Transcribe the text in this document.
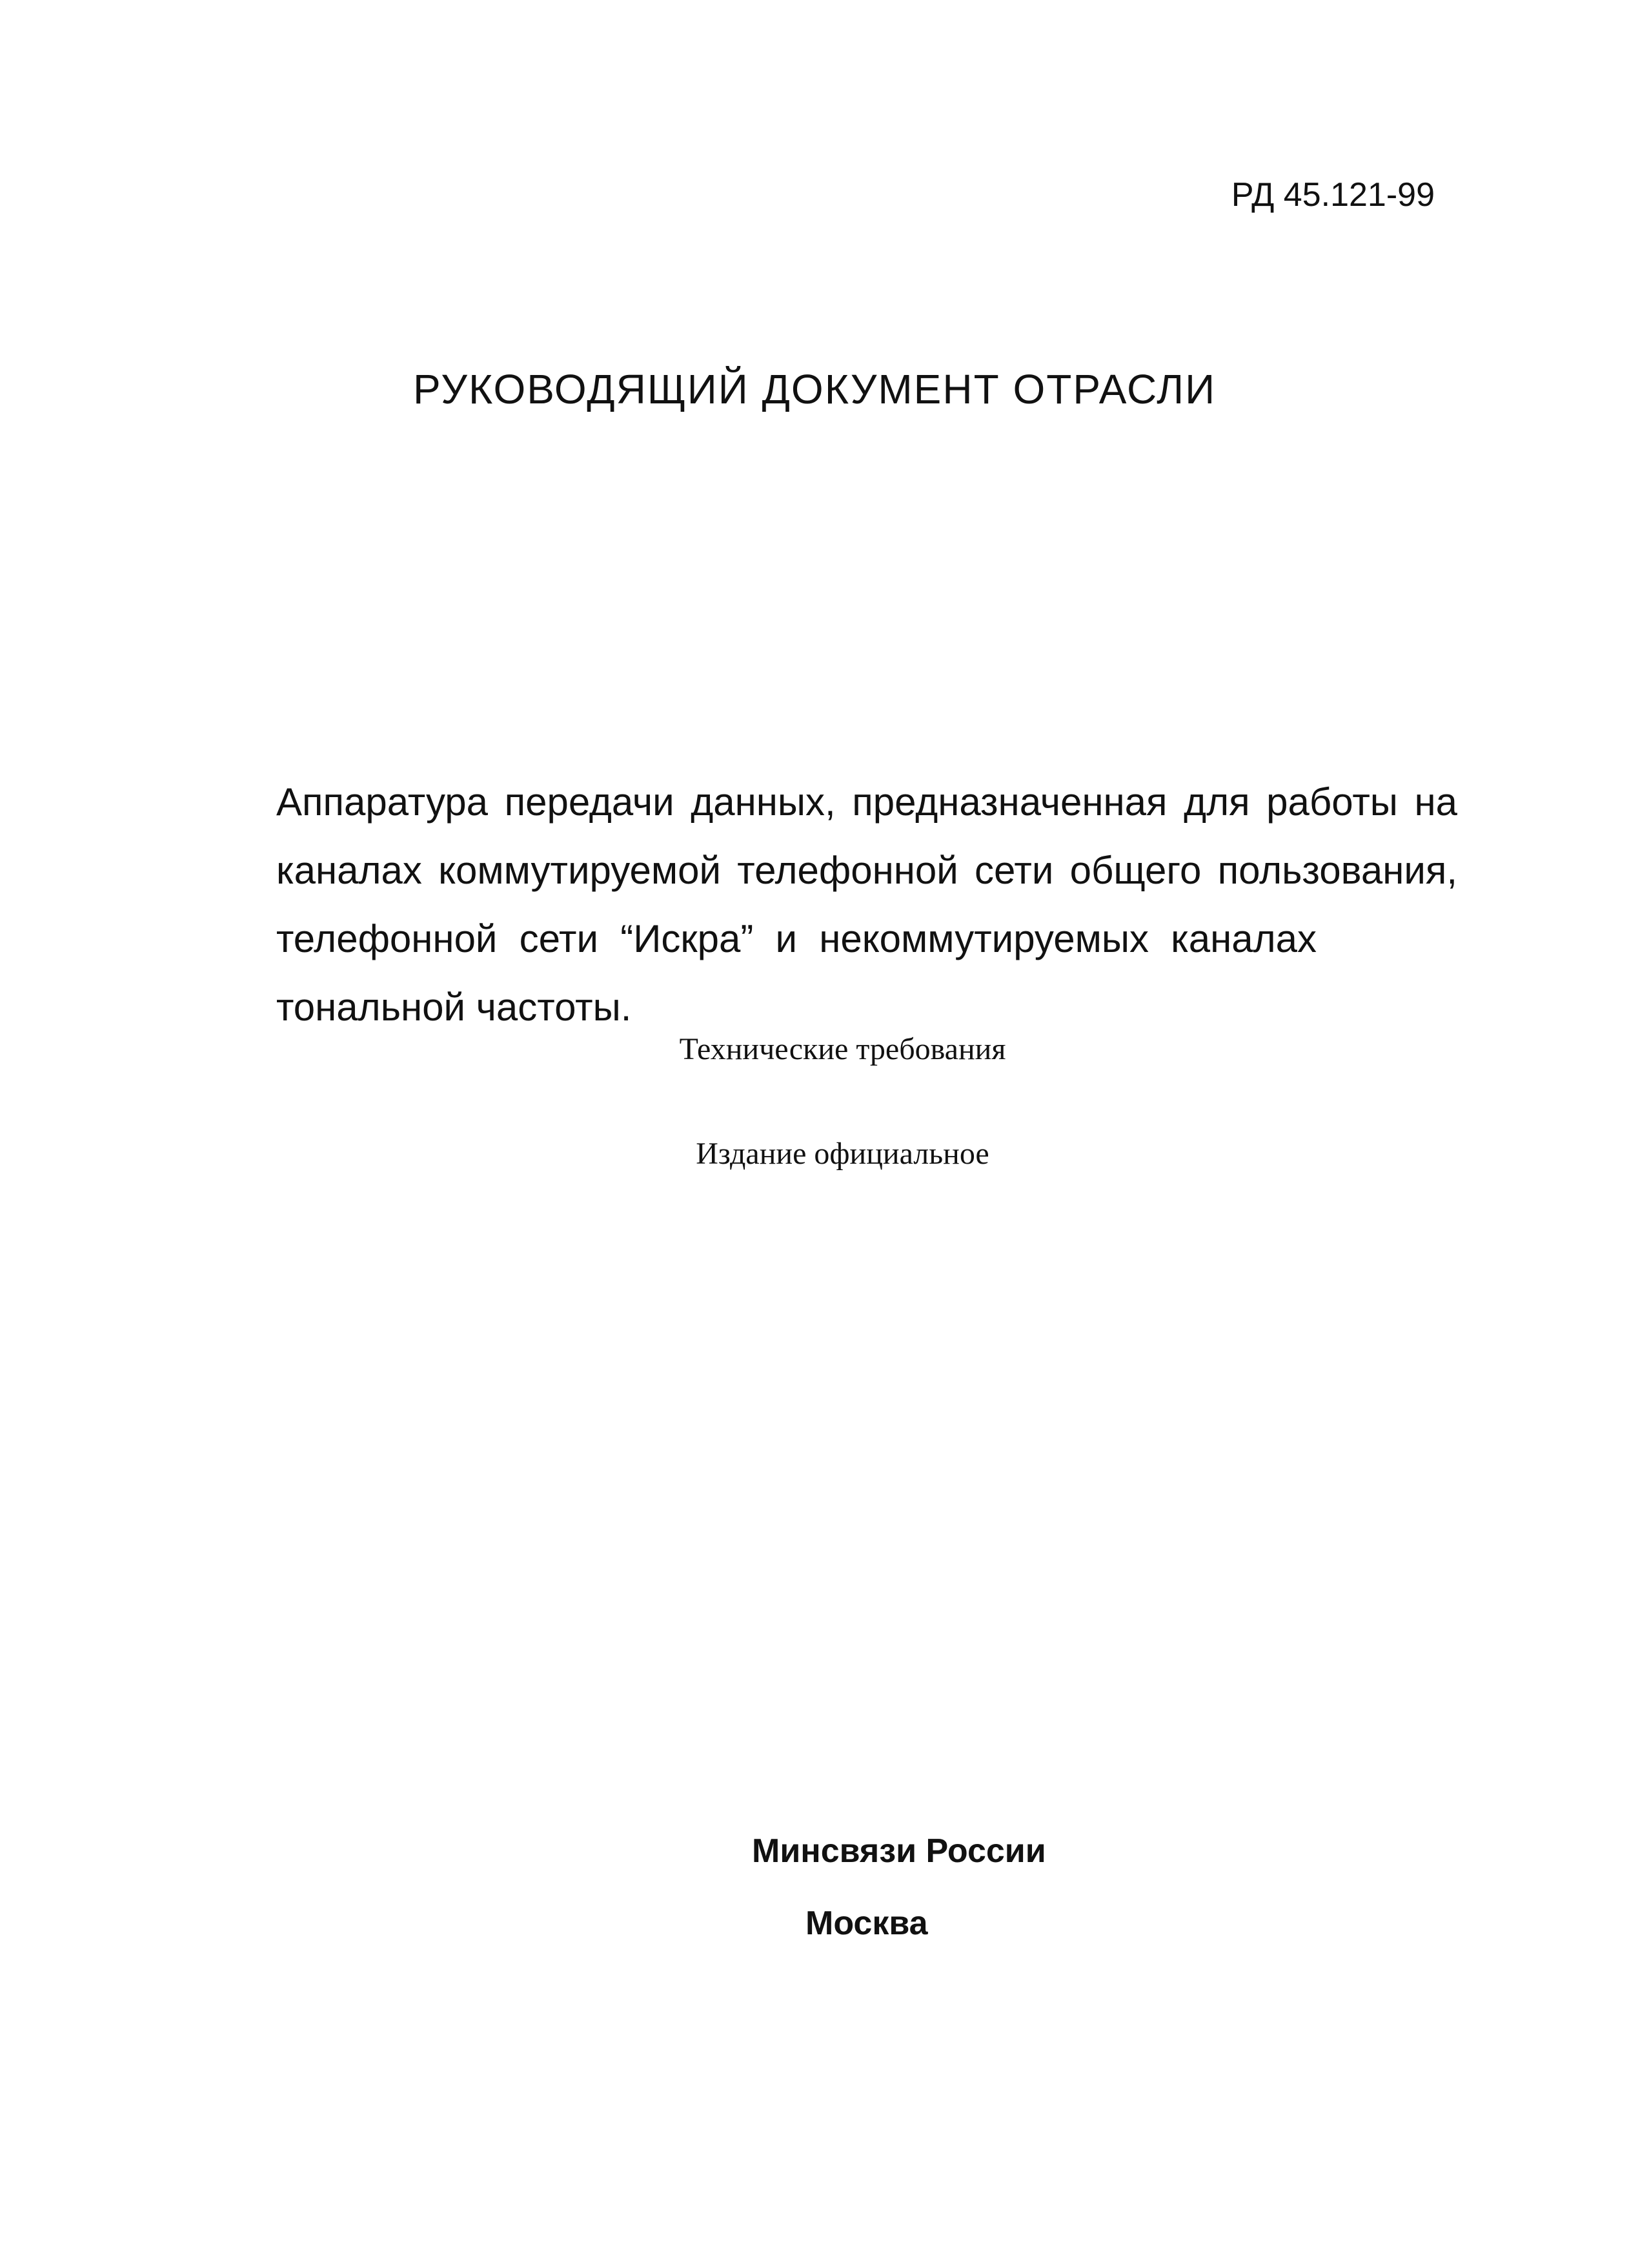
РД 45.121-99
РУКОВОДЯЩИЙ ДОКУМЕНТ ОТРАСЛИ
Аппаратура передачи данных, предназначенная для работы на
каналах коммутируемой телефонной сети общего пользования,
телефонной сети “Искра” и некоммутируемых каналах
тональной частоты.
Технические требования
Издание официальное
Минсвязи России
Москва
